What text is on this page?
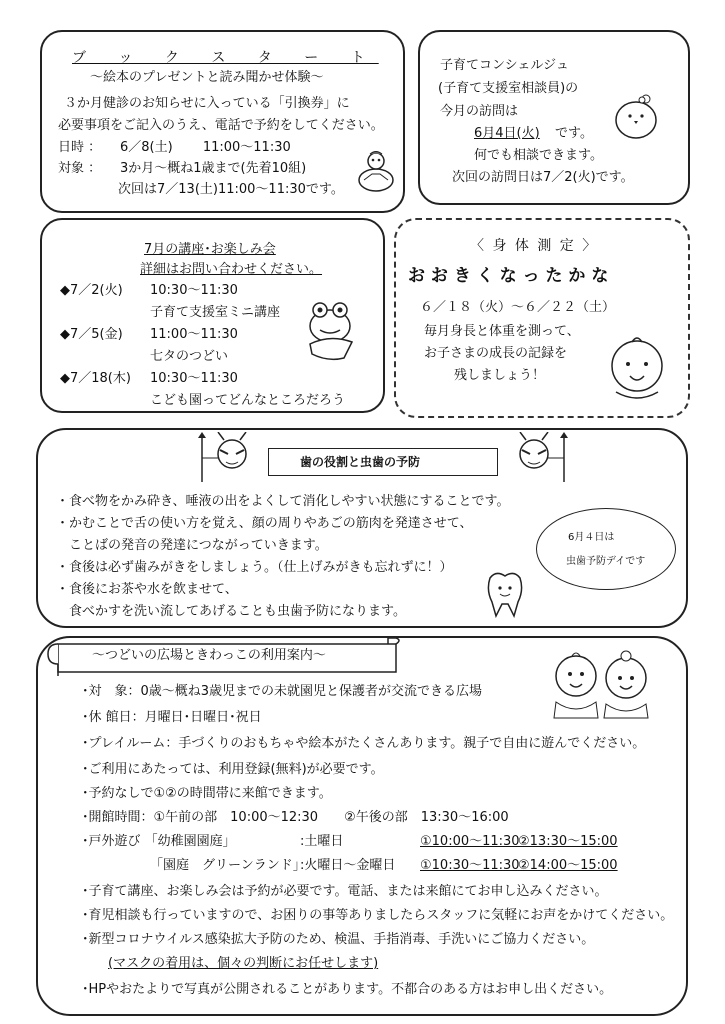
ブ ッ ク ス タ ー ト
～絵本のプレゼントと読み聞かせ体験～
３か月健診のお知らせに入っている「引換券」に
必要事項をご記入のうえ、電話で予約をしてください。
日時 ： 6／8(土)　　 11:00～11:30
対象 ： 3か月～概ね1歳まで(先着10組)
次回は7／13(土)11:00～11:30です。
子育てコンシェルジュ
(子育て支援室相談員)の
今月の訪問は
6月4日(火) です。
何でも相談できます。
次回の訪問日は7／2(火)です。
7月の講座･お楽しみ会
詳細はお問い合わせください。
◆7／2(火) 10:30～11:30
子育て支援室ミニ講座
◆7／5(金) 11:00～11:30
七タのつどい
◆7／18(木) 10:30～11:30
こども園ってどんなところだろう
〈 身 体 測 定 〉
お お き く な っ た か な
６／１８（火）～６／２２（土）
毎月身長と体重を測って、
お子さまの成長の記録を
残しましょう！
歯の役割と虫歯の予防
・食べ物をかみ砕き、唾液の出をよくして消化しやすい状態にすることです。
・かむことで舌の使い方を覚え、顔の周りやあごの筋肉を発達させて、
　ことばの発音の発達につながっていきます。
・食後は必ず歯みがきをしましょう。（仕上げみがきも忘れずに！）
・食後にお茶や水を飲ませて、
　食べかすを洗い流してあげることも虫歯予防になります。
6月４日は
虫歯予防デイです
～つどいの広場ときわっこの利用案内～
･対　象：0歳～概ね3歳児までの未就園児と保護者が交流できる広場
･休 館日：月曜日･日曜日･祝日
･プレイルーム：手づくりのおもちゃや絵本がたくさんあります。親子で自由に遊んでください。
･ご利用にあたっては、利用登録(無料)が必要です。
･予約なしで①②の時間帯に来館できます。
･開館時間：①午前の部　10:00～12:30　　②午後の部　13:30～16:00
･戸外遊び 「幼稚園園庭」	:土曜日	①10:00～11:30
②13:30～15:00
「園庭　グリーンランド」
:火曜日～金曜日 ①10:30～11:30
②14:00～15:00
･子育て講座、お楽しみ会は予約が必要です。電話、または来館にてお申し込みください。
･育児相談も行っていますので、お困りの事等ありましたらスタッフに気軽にお声をかけてください。
･新型コロナウイルス感染拡大予防のため、検温、手指消毒、手洗いにご協力ください。
(マスクの着用は、個々の判断にお任せします)
･HPやおたよりで写真が公開されることがあります。不都合のある方はお申し出ください。
